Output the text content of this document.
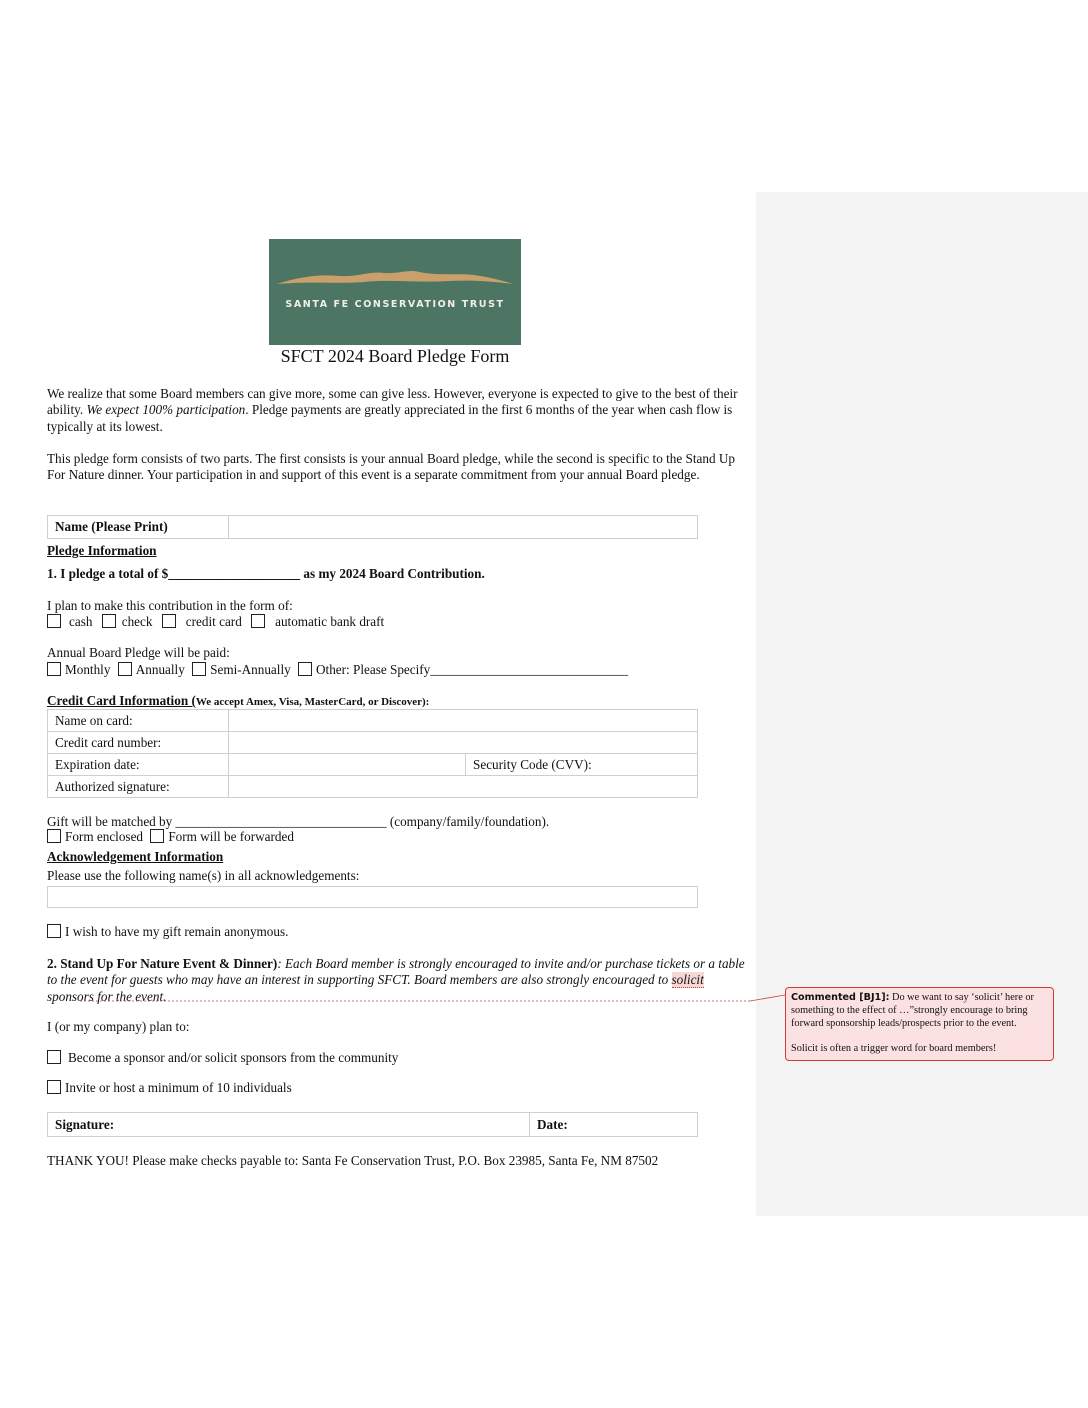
SANTA FE CONSERVATION TRUST
SFCT 2024 Board Pledge Form
We realize that some Board members can give more, some can give less. However, everyone is expected to give to the best of their ability. We expect 100% participation. Pledge payments are greatly appreciated in the first 6 months of the year when cash flow is typically at its lowest.
This pledge form consists of two parts. The first consists is your annual Board pledge, while the second is specific to the Stand Up For Nature dinner. Your participation in and support of this event is a separate commitment from your annual Board pledge.
Name (Please Print)	
Pledge Information
1. I pledge a total of $____________________ as my 2024 Board Contribution.
I plan to make this contribution in the form of:
cash check	credit card	automatic bank draft
Annual Board Pledge will be paid:
Monthly Annually Semi-Annually Other: Please Specify______________________________
Credit Card Information (We accept Amex, Visa, MasterCard, or Discover):
Name on card:		
Credit card number:		
Expiration date:		Security Code (CVV):
Authorized signature:		
Gift will be matched by ________________________________ (company/family/foundation).
Form enclosed Form will be forwarded
Acknowledgement Information
Please use the following name(s) in all acknowledgements:
I wish to have my gift remain anonymous.
2. Stand Up For Nature Event & Dinner): Each Board member is strongly encouraged to invite and/or purchase tickets or a table to the event for guests who may have an interest in supporting SFCT. Board members are also strongly encouraged to solicit sponsors for the event.
I (or my company) plan to:
Become a sponsor and/or solicit sponsors from the community
Invite or host a minimum of 10 individuals
Signature:	Date:
THANK YOU! Please make checks payable to: Santa Fe Conservation Trust, P.O. Box 23985, Santa Fe, NM 87502
Commented [BJ1]: Do we want to say ‘solicit’ here or something to the effect of …”strongly encourage to bring forward sponsorship leads/prospects prior to the event.
Solicit is often a trigger word for board members!
